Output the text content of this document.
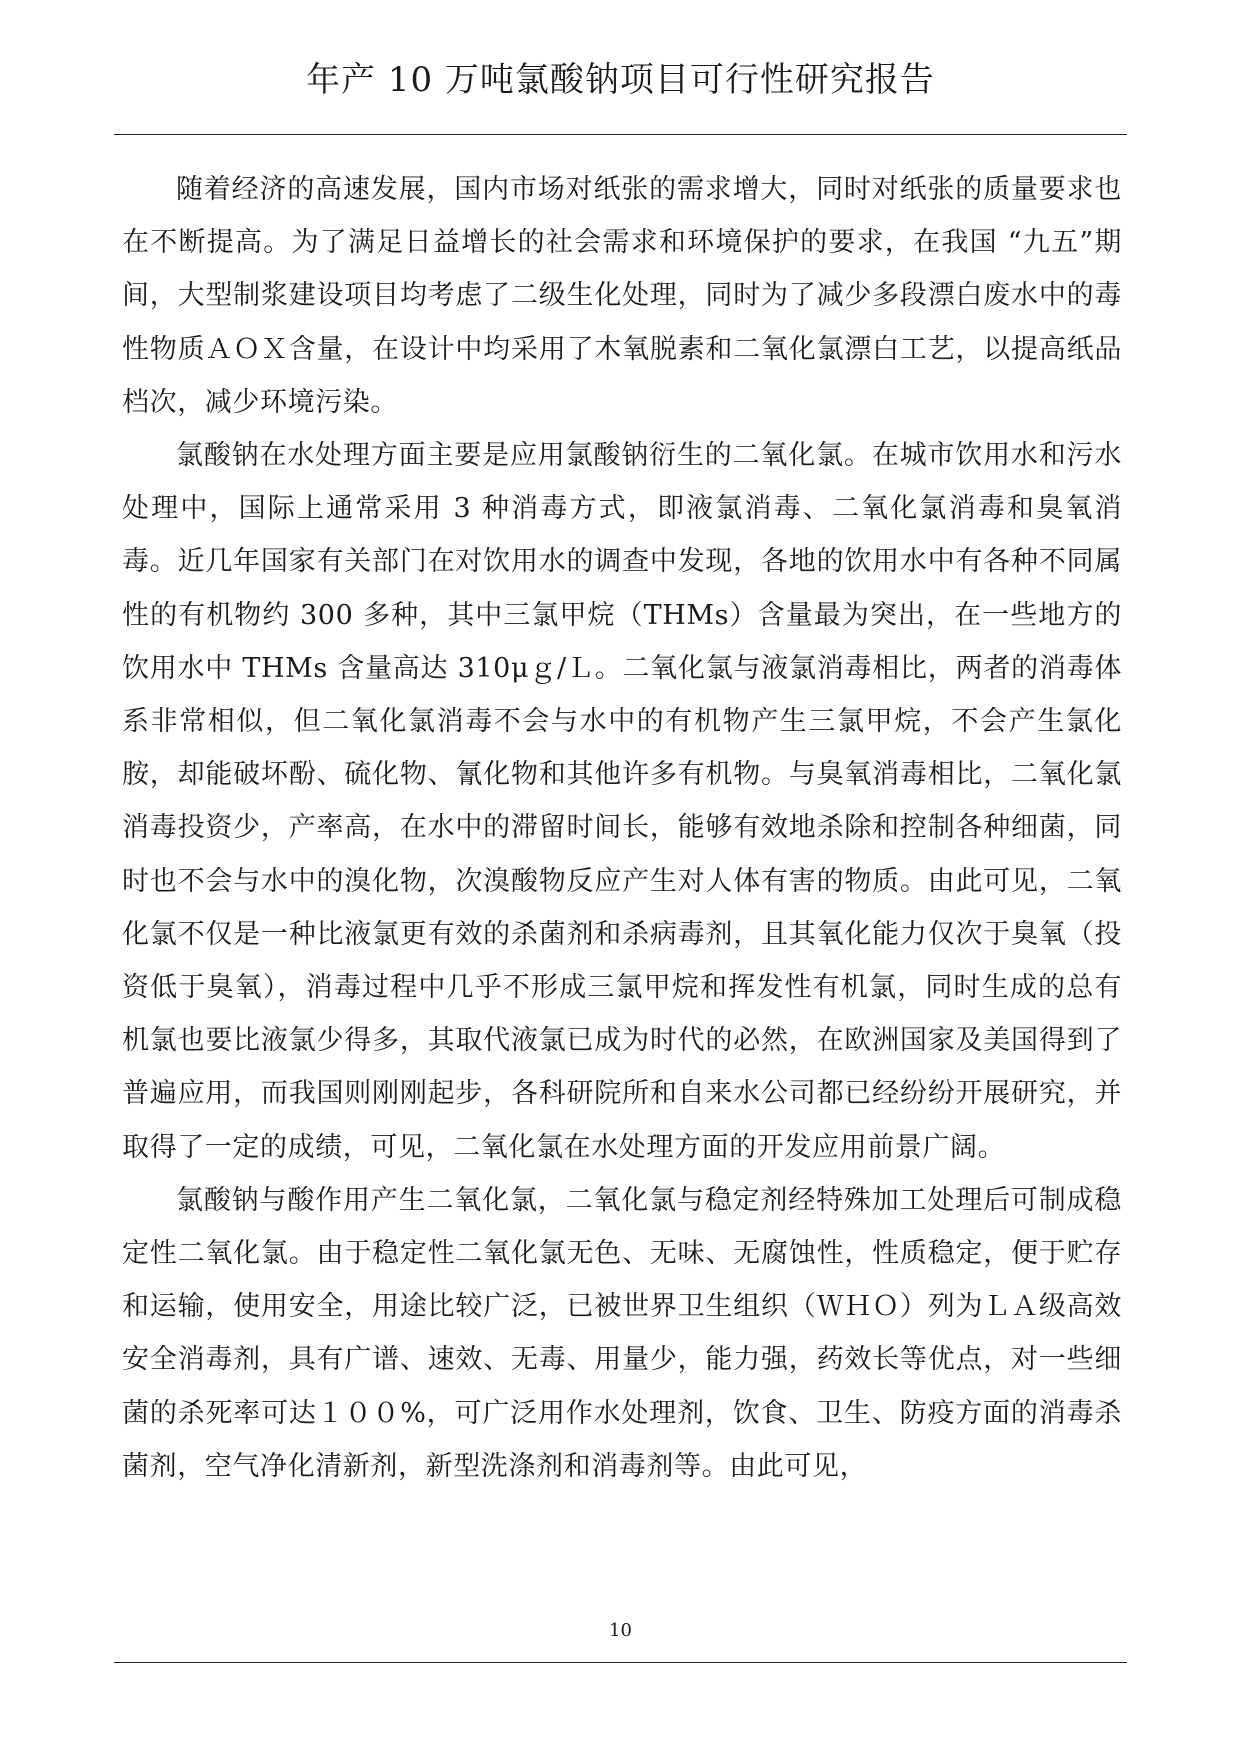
年产 10 万吨氯酸钠项目可行性研究报告

随着经济的高速发展，国内市场对纸张的需求增大，同时对纸张的质量要求也在不断提高。为了满足日益增长的社会需求和环境保护的要求，在我国 “九五”期间，大型制浆建设项目均考虑了二级生化处理，同时为了减少多段漂白废水中的毒性物质ＡＯＸ含量，在设计中均采用了木氧脱素和二氧化氯漂白工艺，以提高纸品档次，减少环境污染。

氯酸钠在水处理方面主要是应用氯酸钠衍生的二氧化氯。在城市饮用水和污水处理中，国际上通常采用 3 种消毒方式，即液氯消毒、二氧化氯消毒和臭氧消毒。近几年国家有关部门在对饮用水的调查中发现，各地的饮用水中有各种不同属性的有机物约 300 多种，其中三氯甲烷（THMs）含量最为突出，在一些地方的饮用水中 THMs 含量高达 310μｇ/Ｌ。二氧化氯与液氯消毒相比，两者的消毒体系非常相似，但二氧化氯消毒不会与水中的有机物产生三氯甲烷，不会产生氯化胺，却能破坏酚、硫化物、氰化物和其他许多有机物。与臭氧消毒相比，二氧化氯消毒投资少，产率高，在水中的滞留时间长，能够有效地杀除和控制各种细菌，同时也不会与水中的溴化物，次溴酸物反应产生对人体有害的物质。由此可见，二氧化氯不仅是一种比液氯更有效的杀菌剂和杀病毒剂，且其氧化能力仅次于臭氧（投资低于臭氧），消毒过程中几乎不形成三氯甲烷和挥发性有机氯，同时生成的总有机氯也要比液氯少得多，其取代液氯已成为时代的必然，在欧洲国家及美国得到了普遍应用，而我国则刚刚起步，各科研院所和自来水公司都已经纷纷开展研究，并取得了一定的成绩，可见，二氧化氯在水处理方面的开发应用前景广阔。

氯酸钠与酸作用产生二氧化氯，二氧化氯与稳定剂经特殊加工处理后可制成稳定性二氧化氯。由于稳定性二氧化氯无色、无味、无腐蚀性，性质稳定，便于贮存和运输，使用安全，用途比较广泛，已被世界卫生组织（ＷＨＯ）列为ＬＡ级高效安全消毒剂，具有广谱、速效、无毒、用量少，能力强，药效长等优点，对一些细菌的杀死率可达１００%，可广泛用作水处理剂，饮食、卫生、防疫方面的消毒杀菌剂，空气净化清新剂，新型洗涤剂和消毒剂等。由此可见，

10
